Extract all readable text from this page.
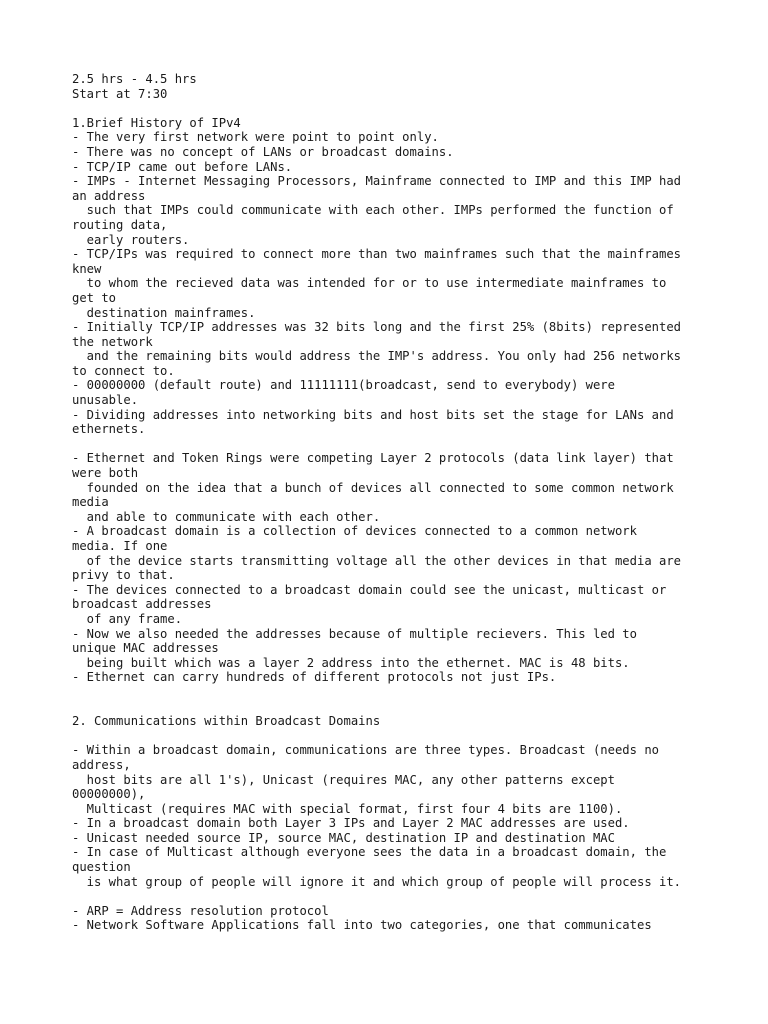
2.5 hrs - 4.5 hrs
Start at 7:30
1.Brief History of IPv4
- The very first network were point to point only.
- There was no concept of LANs or broadcast domains.
- TCP/IP came out before LANs.
- IMPs - Internet Messaging Processors, Mainframe connected to IMP and this IMP had
an address
such that IMPs could communicate with each other. IMPs performed the function of
routing data,
early routers.
- TCP/IPs was required to connect more than two mainframes such that the mainframes
knew
to whom the recieved data was intended for or to use intermediate mainframes to
get to
destination mainframes.
- Initially TCP/IP addresses was 32 bits long and the first 25% (8bits) represented
the network
and the remaining bits would address the IMP's address. You only had 256 networks
to connect to.
- 00000000 (default route) and 11111111(broadcast, send to everybody) were
unusable.
- Dividing addresses into networking bits and host bits set the stage for LANs and
ethernets.
- Ethernet and Token Rings were competing Layer 2 protocols (data link layer) that
were both
founded on the idea that a bunch of devices all connected to some common network
media
and able to communicate with each other.
- A broadcast domain is a collection of devices connected to a common network
media. If one
of the device starts transmitting voltage all the other devices in that media are
privy to that.
- The devices connected to a broadcast domain could see the unicast, multicast or
broadcast addresses
of any frame.
- Now we also needed the addresses because of multiple recievers. This led to
unique MAC addresses
being built which was a layer 2 address into the ethernet. MAC is 48 bits.
- Ethernet can carry hundreds of different protocols not just IPs.
2. Communications within Broadcast Domains
- Within a broadcast domain, communications are three types. Broadcast (needs no
address,
host bits are all 1's), Unicast (requires MAC, any other patterns except
00000000),
Multicast (requires MAC with special format, first four 4 bits are 1100).
- In a broadcast domain both Layer 3 IPs and Layer 2 MAC addresses are used.
- Unicast needed source IP, source MAC, destination IP and destination MAC
- In case of Multicast although everyone sees the data in a broadcast domain, the
question
is what group of people will ignore it and which group of people will process it.
- ARP = Address resolution protocol
- Network Software Applications fall into two categories, one that communicates
